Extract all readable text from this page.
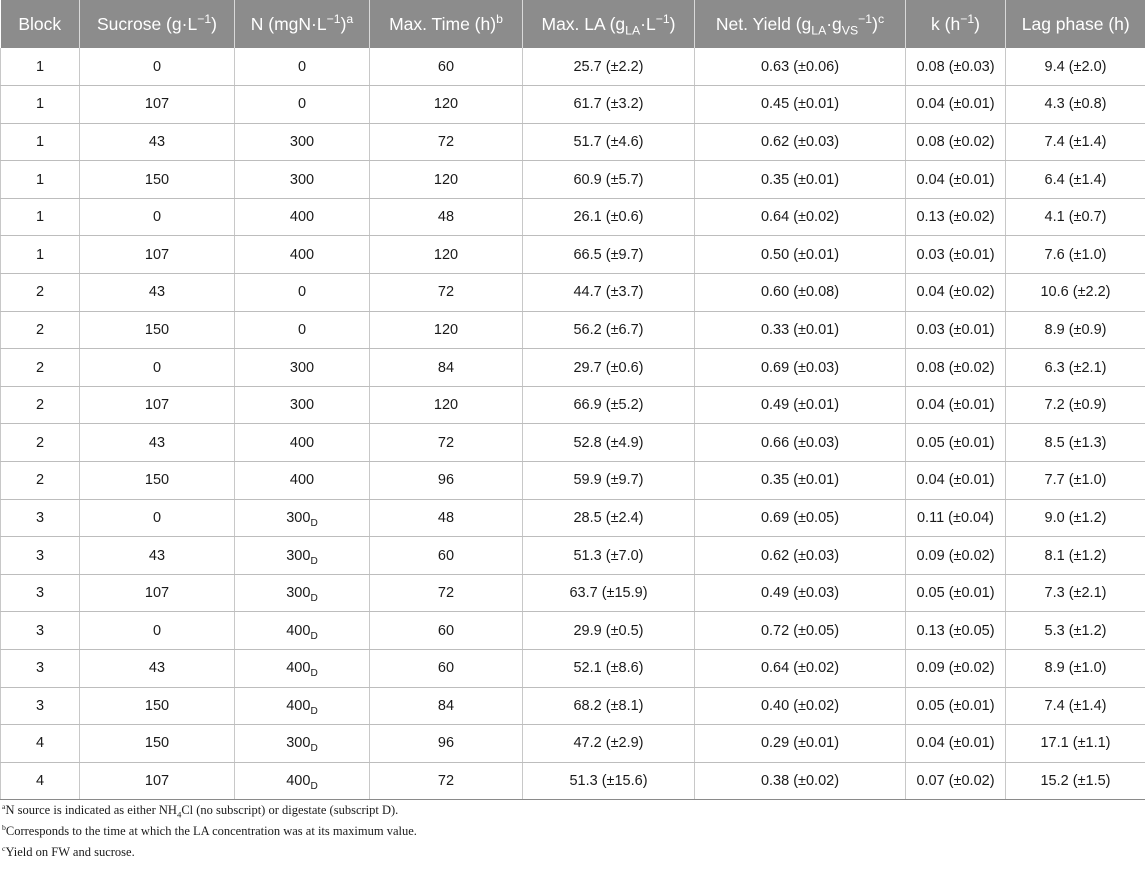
Block	Sucrose $(g\cdot L^{-1})$	N $(mgN\cdot L^{-1})^a$	Max. Time $(h)^b$	Max. LA $(g_{LA}\cdot L^{-1})$	Net. Yield $(g_{LA}\cdot g_{VS}^{-1})^c$	k $(h^{-1})$	Lag phase (h)
1	0	0	60	25.7 (±2.2)	0.63 (±0.06)	0.08 (±0.03)	9.4 (±2.0)
1	107	0	120	61.7 (±3.2)	0.45 (±0.01)	0.04 (±0.01)	4.3 (±0.8)
1	43	300	72	51.7 (±4.6)	0.62 (±0.03)	0.08 (±0.02)	7.4 (±1.4)
1	150	300	120	60.9 (±5.7)	0.35 (±0.01)	0.04 (±0.01)	6.4 (±1.4)
1	0	400	48	26.1 (±0.6)	0.64 (±0.02)	0.13 (±0.02)	4.1 (±0.7)
1	107	400	120	66.5 (±9.7)	0.50 (±0.01)	0.03 (±0.01)	7.6 (±1.0)
2	43	0	72	44.7 (±3.7)	0.60 (±0.08)	0.04 (±0.02)	10.6 (±2.2)
2	150	0	120	56.2 (±6.7)	0.33 (±0.01)	0.03 (±0.01)	8.9 (±0.9)
2	0	300	84	29.7 (±0.6)	0.69 (±0.03)	0.08 (±0.02)	6.3 (±2.1)
2	107	300	120	66.9 (±5.2)	0.49 (±0.01)	0.04 (±0.01)	7.2 (±0.9)
2	43	400	72	52.8 (±4.9)	0.66 (±0.03)	0.05 (±0.01)	8.5 (±1.3)
2	150	400	96	59.9 (±9.7)	0.35 (±0.01)	0.04 (±0.01)	7.7 (±1.0)
3	0	$300_D$	48	28.5 (±2.4)	0.69 (±0.05)	0.11 (±0.04)	9.0 (±1.2)
3	43	$300_D$	60	51.3 (±7.0)	0.62 (±0.03)	0.09 (±0.02)	8.1 (±1.2)
3	107	$300_D$	72	63.7 (±15.9)	0.49 (±0.03)	0.05 (±0.01)	7.3 (±2.1)
3	0	$400_D$	60	29.9 (±0.5)	0.72 (±0.05)	0.13 (±0.05)	5.3 (±1.2)
3	43	$400_D$	60	52.1 (±8.6)	0.64 (±0.02)	0.09 (±0.02)	8.9 (±1.0)
3	150	$400_D$	84	68.2 (±8.1)	0.40 (±0.02)	0.05 (±0.01)	7.4 (±1.4)
4	150	$300_D$	96	47.2 (±2.9)	0.29 (±0.01)	0.04 (±0.01)	17.1 (±1.1)
4	107	$400_D$	72	51.3 (±15.6)	0.38 (±0.02)	0.07 (±0.02)	15.2 (±1.5)

$^a$N source is indicated as either $NH_4Cl$ (no subscript) or digestate (subscript D).

$^b$Corresponds to the time at which the LA concentration was at its maximum value.

$^c$Yield on FW and sucrose.
